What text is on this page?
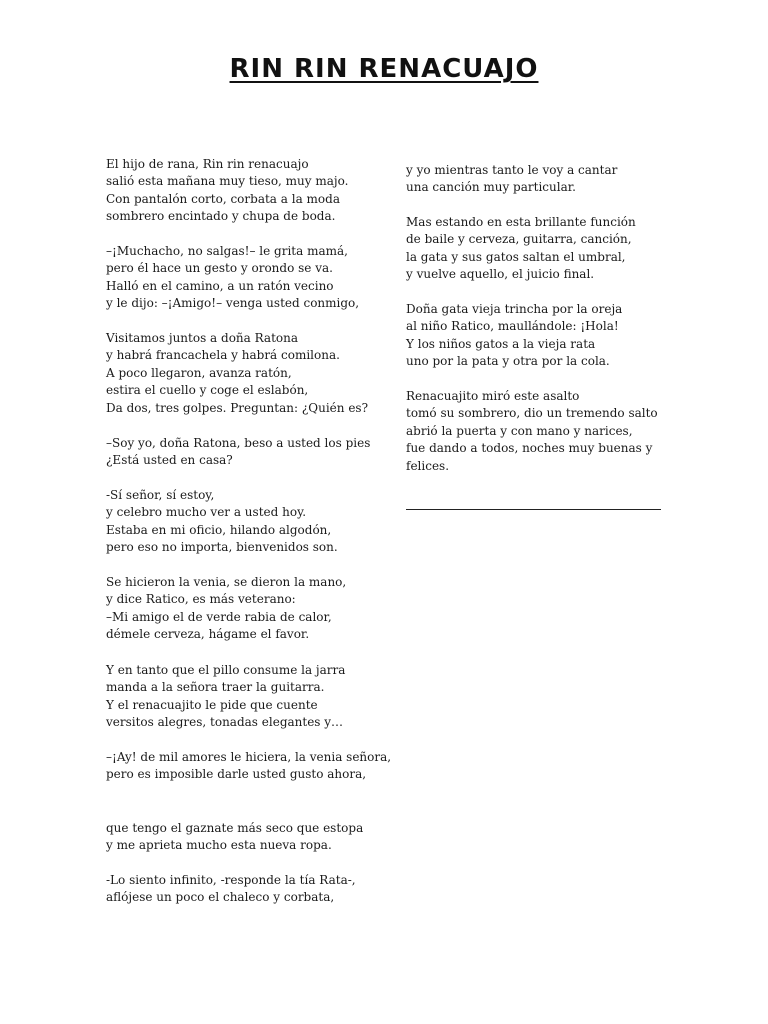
RIN RIN RENACUAJO
El hijo de rana, Rin rin renacuajo
salió esta mañana muy tieso, muy majo.
Con pantalón corto, corbata a la moda
sombrero encintado y chupa de boda.
–¡Muchacho, no salgas!– le grita mamá,
pero él hace un gesto y orondo se va.
Halló en el camino, a un ratón vecino
y le dijo: –¡Amigo!– venga usted conmigo,
Visitamos juntos a doña Ratona
y habrá francachela y habrá comilona.
A poco llegaron, avanza ratón,
estira el cuello y coge el eslabón,
Da dos, tres golpes. Preguntan: ¿Quién es?
–Soy yo, doña Ratona, beso a usted los pies
¿Está usted en casa?
-Sí señor, sí estoy,
y celebro mucho ver a usted hoy.
Estaba en mi oficio, hilando algodón,
pero eso no importa, bienvenidos son.
Se hicieron la venia, se dieron la mano,
y dice Ratico, es más veterano:
–Mi amigo el de verde rabia de calor,
démele cerveza, hágame el favor.
Y en tanto que el pillo consume la jarra
manda a la señora traer la guitarra.
Y el renacuajito le pide que cuente
versitos alegres, tonadas elegantes y…
–¡Ay! de mil amores le hiciera, la venia señora,
pero es imposible darle usted gusto ahora,
que tengo el gaznate más seco que estopa
y me aprieta mucho esta nueva ropa.
-Lo siento infinito, -responde la tía Rata-,
aflójese un poco el chaleco y corbata,
y yo mientras tanto le voy a cantar
una canción muy particular.
Mas estando en esta brillante función
de baile y cerveza, guitarra, canción,
la gata y sus gatos saltan el umbral,
y vuelve aquello, el juicio final.
Doña gata vieja trincha por la oreja
al niño Ratico, maullándole: ¡Hola!
Y los niños gatos a la vieja rata
uno por la pata y otra por la cola.
Renacuajito miró este asalto
tomó su sombrero, dio un tremendo salto
abrió la puerta y con mano y narices,
fue dando a todos, noches muy buenas y
felices.
